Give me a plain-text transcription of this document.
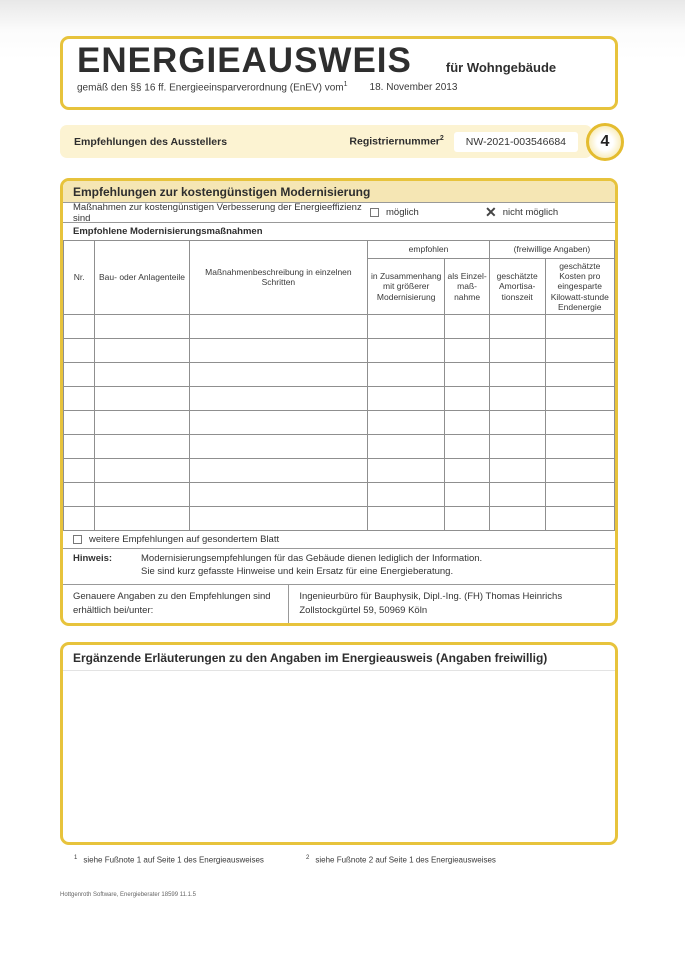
ENERGIEAUSWEIS	für Wohngebäude
gemäß den §§ 16 ff. Energieeinsparverordnung (EnEV) vom$^1$ 18. November 2013
Empfehlungen des Ausstellers	Registriernummer$^2$	NW-2021-003546684	4
Empfehlungen zur kostengünstigen Modernisierung
Maßnahmen zur kostengünstigen Verbesserung der Energieeffizienz sind	möglich	✕ nicht möglich
Empfohlene Modernisierungsmaßnahmen
Nr.	Bau- oder Anlagenteile	Maßnahmenbeschreibung in einzelnen Schritten	empfohlen		(freiwillige Angaben)	
			in Zusammenhang mit größerer Modernisierung	als Einzel-maß-nahme	geschätzte Amortisa-tionszeit	geschätzte Kosten pro eingesparte Kilowatt-stunde Endenergie

weitere Empfehlungen auf gesondertem Blatt
Hinweis:	Modernisierungsempfehlungen für das Gebäude dienen lediglich der Information.
Sie sind kurz gefasste Hinweise und kein Ersatz für eine Energieberatung.
Genauere Angaben zu den Empfehlungen sind erhältlich bei/unter:
Ingenieurbüro für Bauphysik, Dipl.-Ing. (FH) Thomas Heinrichs
Zollstockgürtel 59, 50969 Köln
Ergänzende Erläuterungen zu den Angaben im Energieausweis (Angaben freiwillig)
$^1$ siehe Fußnote 1 auf Seite 1 des Energieausweises	$^2$ siehe Fußnote 2 auf Seite 1 des Energieausweises
Hottgenroth Software, Energieberater 18599 11.1.5
